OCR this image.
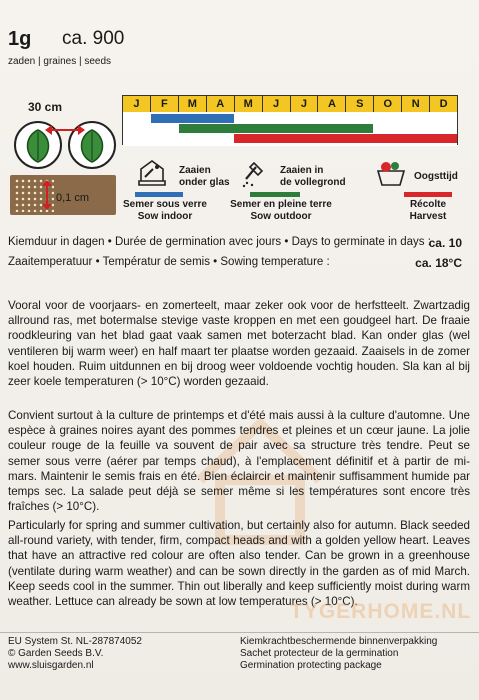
1g ca. 900
zaden | graines | seeds
30 cm
0,1 cm
J	F	M	A	M	J	J	A	S	O	N	D
Zaaien
onder glas
Semer sous verre
Sow indoor
Zaaien in
de vollegrond
Semer en pleine terre
Sow outdoor
Oogsttijd
Récolte
Harvest
Kiemduur in dagen • Durée de germination avec jours • Days to germinate in days :
ca. 10
Zaaitemperatuur • Températur de semis • Sowing temperature :	ca. 18°C

Vooral voor de voorjaars- en zomerteelt, maar zeker ook voor de herfstteelt. Zwartzadig allround ras, met botermalse stevige vaste kroppen en met een goudgeel hart. De fraaie roodkleuring van het blad gaat vaak samen met boterzacht blad. Kan onder glas (wel ventileren bij warm weer) en half maart ter plaatse worden gezaaid. Zaaisels in de zomer koel houden. Ruim uitdunnen en bij droog weer voldoende vochtig houden. Sla kan al bij zeer koele temperaturen (> 10°C) worden gezaaid.

Convient surtout à la culture de printemps et d'été mais aussi à la culture d'automne. Une espèce à graines noires ayant des pommes tendres et pleines et un cœur jaune. La jolie couleur rouge de la feuille va souvent de pair avec sa structure très tendre. Peut se semer sous verre (aérer par temps chaud), à l'emplacement définitif et à partir de mi-mars. Maintenir le semis frais en été. Bien éclaircir et maintenir suffisamment humide par temps sec. La salade peut déjà se semer même si les températures sont encore très fraîches (> 10°C).

Particularly for spring and summer cultivation, but certainly also for autumn. Black seeded all-round variety, with tender, firm, compact heads and with a golden yellow heart. Leaves that have an attractive red colour are often also tender. Can be grown in a greenhouse (ventilate during warm weather) and can be sown directly in the garden as of mid March. Keep seeds cool in the summer. Thin out liberally and keep sufficiently moist during warm weather. Lettuce can already be sown at low temperatures (> 10°C).

TYGERHOME.NL
EU System St. NL-287874052
© Garden Seeds B.V.
www.sluisgarden.nl
Kiemkrachtbeschermende binnenverpakking
Sachet protecteur de la germination
Germination protecting package
